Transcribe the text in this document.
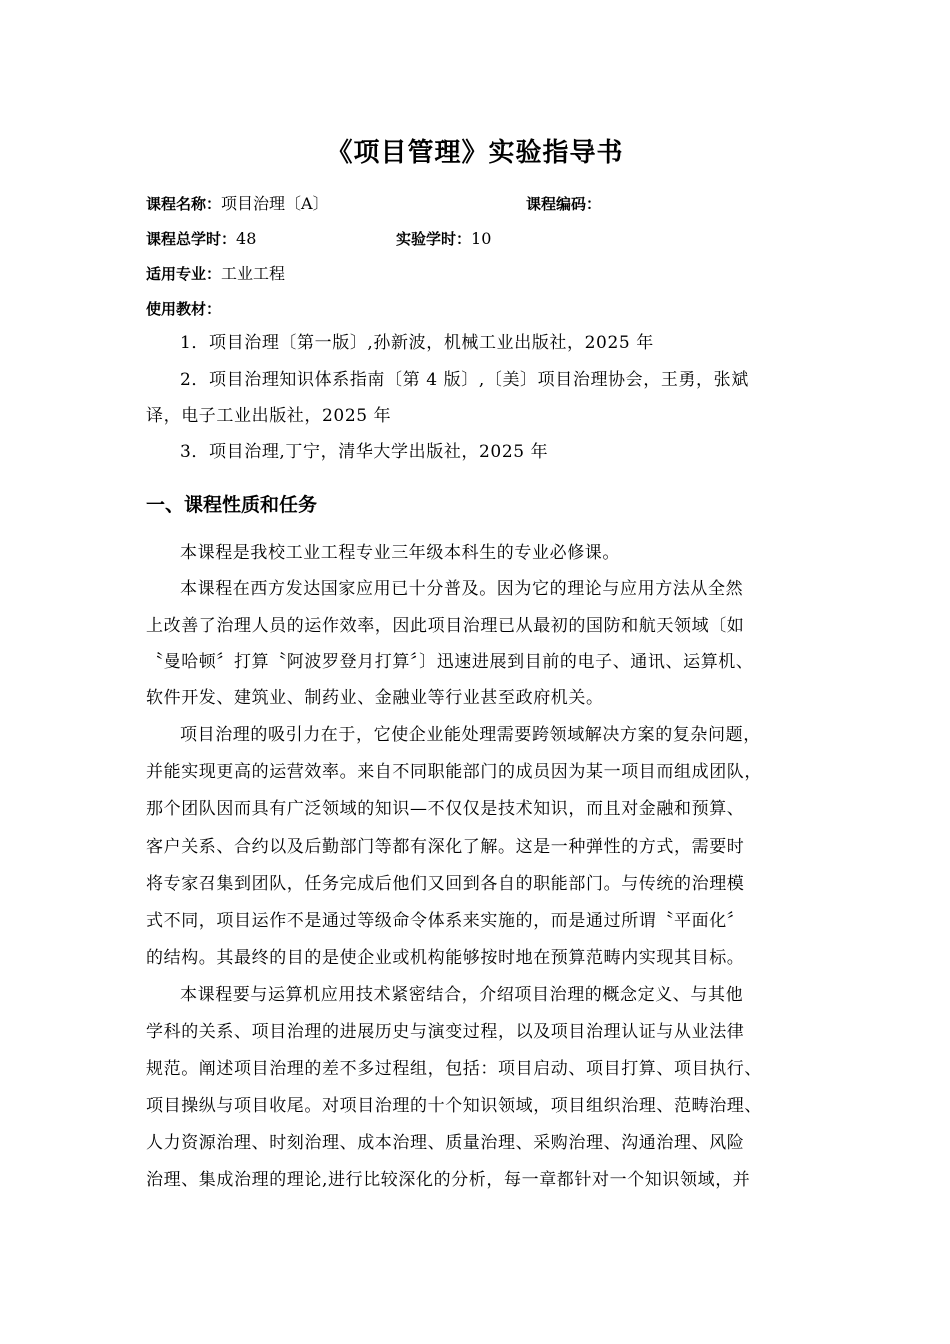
《项目管理》实验指导书
课程名称：项目治理〔A〕	课程编码：
课程总学时：48	实验学时：10
适用专业：工业工程
使用教材：
1．项目治理〔第一版〕,孙新波，机械工业出版社，2025 年
2．项目治理知识体系指南〔第 4 版〕,〔美〕项目治理协会，王勇，张斌
译，电子工业出版社，2025 年
3．项目治理,丁宁，清华大学出版社，2025 年
一、课程性质和任务
本课程是我校工业工程专业三年级本科生的专业必修课。
本课程在西方发达国家应用已十分普及。因为它的理论与应用方法从全然
上改善了治理人员的运作效率，因此项目治理已从最初的国防和航天领域〔如
〝曼哈顿〞打算〝阿波罗登月打算〞〕迅速进展到目前的电子、通讯、运算机、
软件开发、建筑业、制药业、金融业等行业甚至政府机关。
项目治理的吸引力在于，它使企业能处理需要跨领域解决方案的复杂问题，
并能实现更高的运营效率。来自不同职能部门的成员因为某一项目而组成团队，
那个团队因而具有广泛领域的知识—不仅仅是技术知识，而且对金融和预算、
客户关系、合约以及后勤部门等都有深化了解。这是一种弹性的方式，需要时
将专家召集到团队，任务完成后他们又回到各自的职能部门。与传统的治理模
式不同，项目运作不是通过等级命令体系来实施的，而是通过所谓〝平面化〞
的结构。其最终的目的是使企业或机构能够按时地在预算范畴内实现其目标。
本课程要与运算机应用技术紧密结合，介绍项目治理的概念定义、与其他
学科的关系、项目治理的进展历史与演变过程，以及项目治理认证与从业法律
规范。阐述项目治理的差不多过程组，包括：项目启动、项目打算、项目执行、
项目操纵与项目收尾。对项目治理的十个知识领域，项目组织治理、范畴治理、
人力资源治理、时刻治理、成本治理、质量治理、采购治理、沟通治理、风险
治理、集成治理的理论,进行比较深化的分析，每一章都针对一个知识领域，并
